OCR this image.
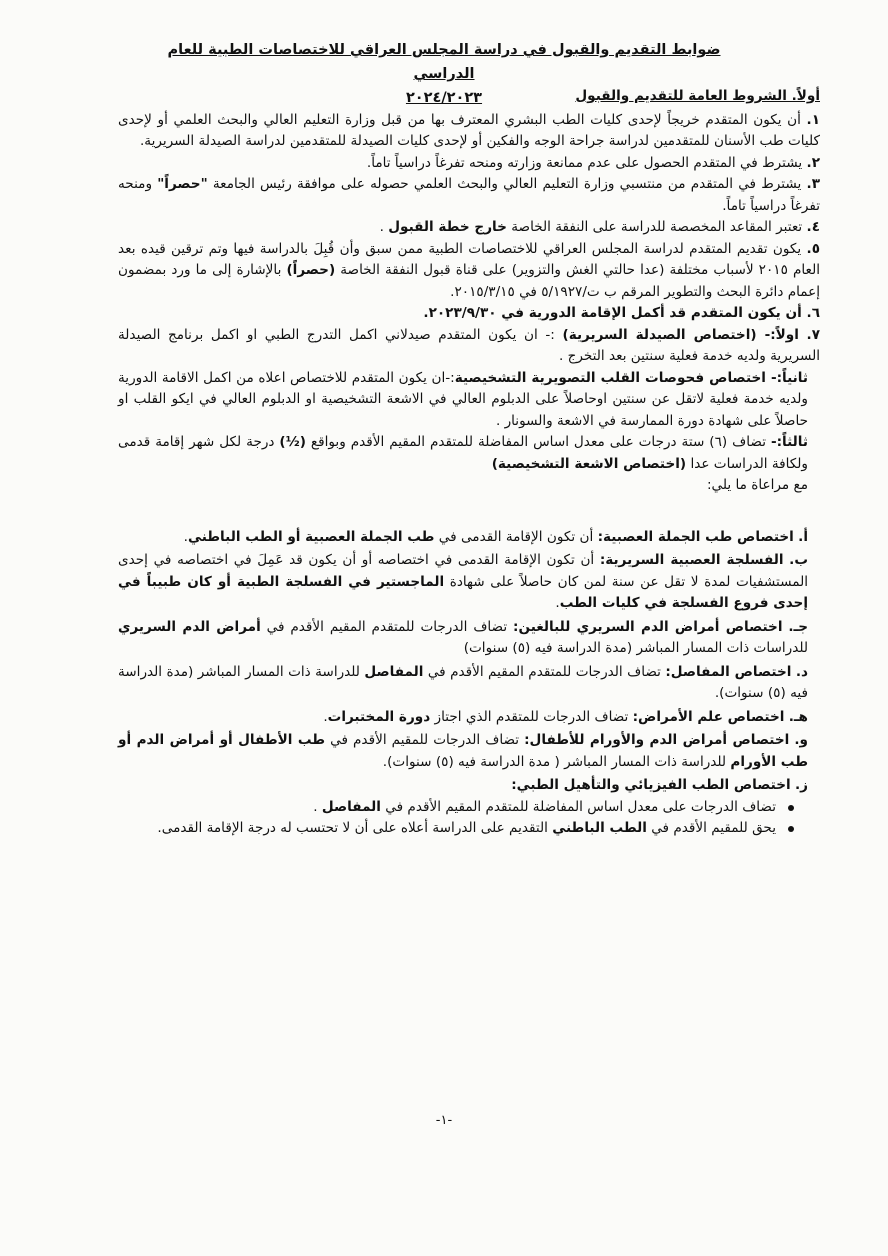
ضوابط التقديم والقبول في دراسة المجلس العراقي للاختصاصات الطبية للعام الدراسي
٢٠٢٤/٢٠٢٣	أولاً. الشروط العامة للتقديم والقبول

١. أن يكون المتقدم خريجاً لإحدى كليات الطب البشري المعترف بها من قبل وزارة التعليم العالي والبحث العلمي أو لإحدى كليات طب الأسنان للمتقدمين لدراسة جراحة الوجه والفكين أو لإحدى كليات الصيدلة للمتقدمين لدراسة الصيدلة السريرية.

٢. يشترط في المتقدم الحصول على عدم ممانعة وزارته ومنحه تفرغاً دراسياً تاماً.

٣. يشترط في المتقدم من منتسبي وزارة التعليم العالي والبحث العلمي حصوله على موافقة رئيس الجامعة "حصراً" ومنحه تفرغاً دراسياً تاماً.

٤. تعتبر المقاعد المخصصة للدراسة على النفقة الخاصة خارج خطة القبول .

٥. يكون تقديم المتقدم لدراسة المجلس العراقي للاختصاصات الطبية ممن سبق وأن قُبِلَ بالدراسة فيها وتم ترقين قيده بعد العام ٢٠١٥ لأسباب مختلفة (عدا حالتي الغش والتزوير) على قناة قبول النفقة الخاصة (حصراً) بالإشارة إلى ما ورد بمضمون إعمام دائرة البحث والتطوير المرقم ب ت/٥/١٩٢٧ في ٢٠١٥/٣/١٥.

٦. أن يكون المتقدم قد أكمل الإقامة الدورية في ٢٠٢٣/٩/٣٠.

٧. اولاً:- (اختصاص الصيدلة السريرية) :- ان يكون المتقدم صيدلاني اكمل التدرج الطبي او اكمل برنامج الصيدلة السريرية ولديه خدمة فعلية سنتين بعد التخرج .

ثانياً:- اختصاص فحوصات القلب التصويرية التشخيصية:-ان يكون المتقدم للاختصاص اعلاه من اكمل الاقامة الدورية ولديه خدمة فعلية لاتقل عن سنتين اوحاصلاً على الدبلوم العالي في الاشعة التشخيصية او الدبلوم العالي في ايكو القلب او حاصلاً على شهادة دورة الممارسة في الاشعة والسونار .

ثالثاً:- تضاف (٦) ستة درجات على معدل اساس المفاضلة للمتقدم المقيم الأقدم وبواقع (½) درجة لكل شهر إقامة قدمى ولكافة الدراسات عدا (اختصاص الاشعة التشخيصية)

مع مراعاة ما يلي:

أ. اختصاص طب الجملة العصبية: أن تكون الإقامة القدمى في طب الجملة العصبية أو الطب الباطني.

ب. الفسلجة العصبية السريرية: أن تكون الإقامة القدمى في اختصاصه أو أن يكون قد عَمِلَ في اختصاصه في إحدى المستشفيات لمدة لا تقل عن سنة لمن كان حاصلاً على شهادة الماجستير في الفسلجة الطبية أو كان طبيباً في إحدى فروع الفسلجة في كليات الطب.

جـ. اختصاص أمراض الدم السريري للبالغين: تضاف الدرجات للمتقدم المقيم الأقدم في أمراض الدم السريري للدراسات ذات المسار المباشر (مدة الدراسة فيه (٥) سنوات)

د. اختصاص المفاصل: تضاف الدرجات للمتقدم المقيم الأقدم في المفاصل للدراسة ذات المسار المباشر (مدة الدراسة فيه (٥) سنوات).

هـ. اختصاص علم الأمراض: تضاف الدرجات للمتقدم الذي اجتاز دورة المختبرات.

و. اختصاص أمراض الدم والأورام للأطفال: تضاف الدرجات للمقيم الأقدم في طب الأطفال أو أمراض الدم أو طب الأورام للدراسة ذات المسار المباشر ( مدة الدراسة فيه (٥) سنوات).

ز. اختصاص الطب الفيزيائي والتأهيل الطبي:

تضاف الدرجات على معدل اساس المفاضلة للمتقدم المقيم الأقدم في المفاصل .
يحق للمقيم الأقدم في الطب الباطني التقديم على الدراسة أعلاه على أن لا تحتسب له درجة الإقامة القدمى.
-١-
